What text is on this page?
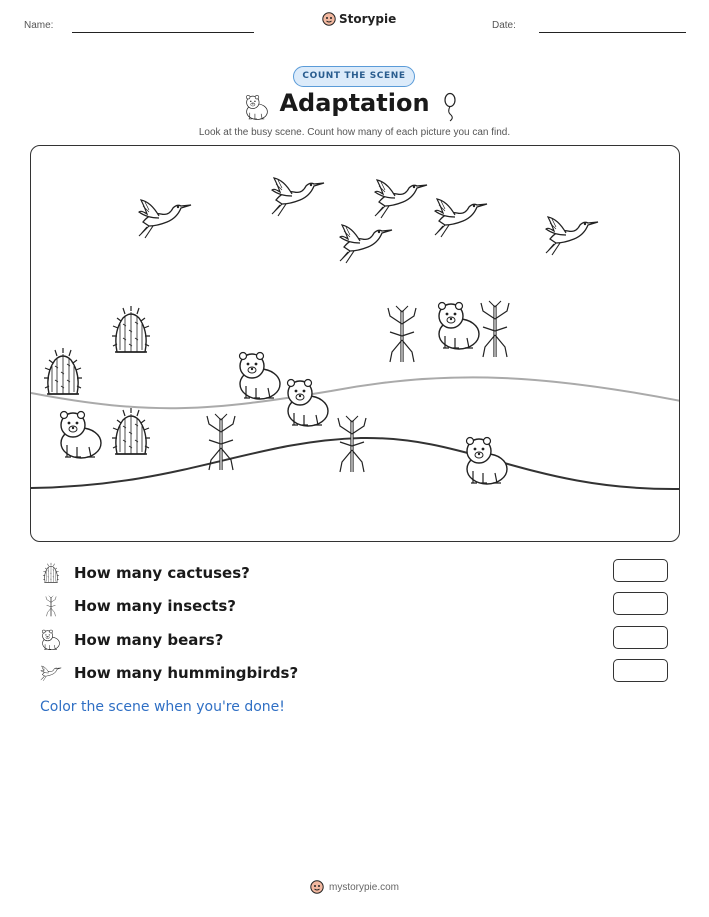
Name:	Storypie	Date:
COUNT THE SCENE
Adaptation
Look at the busy scene. Count how many of each picture you can find.
How many cactuses?
How many insects?
How many bears?
How many hummingbirds?
Color the scene when you're done!
mystorypie.com
